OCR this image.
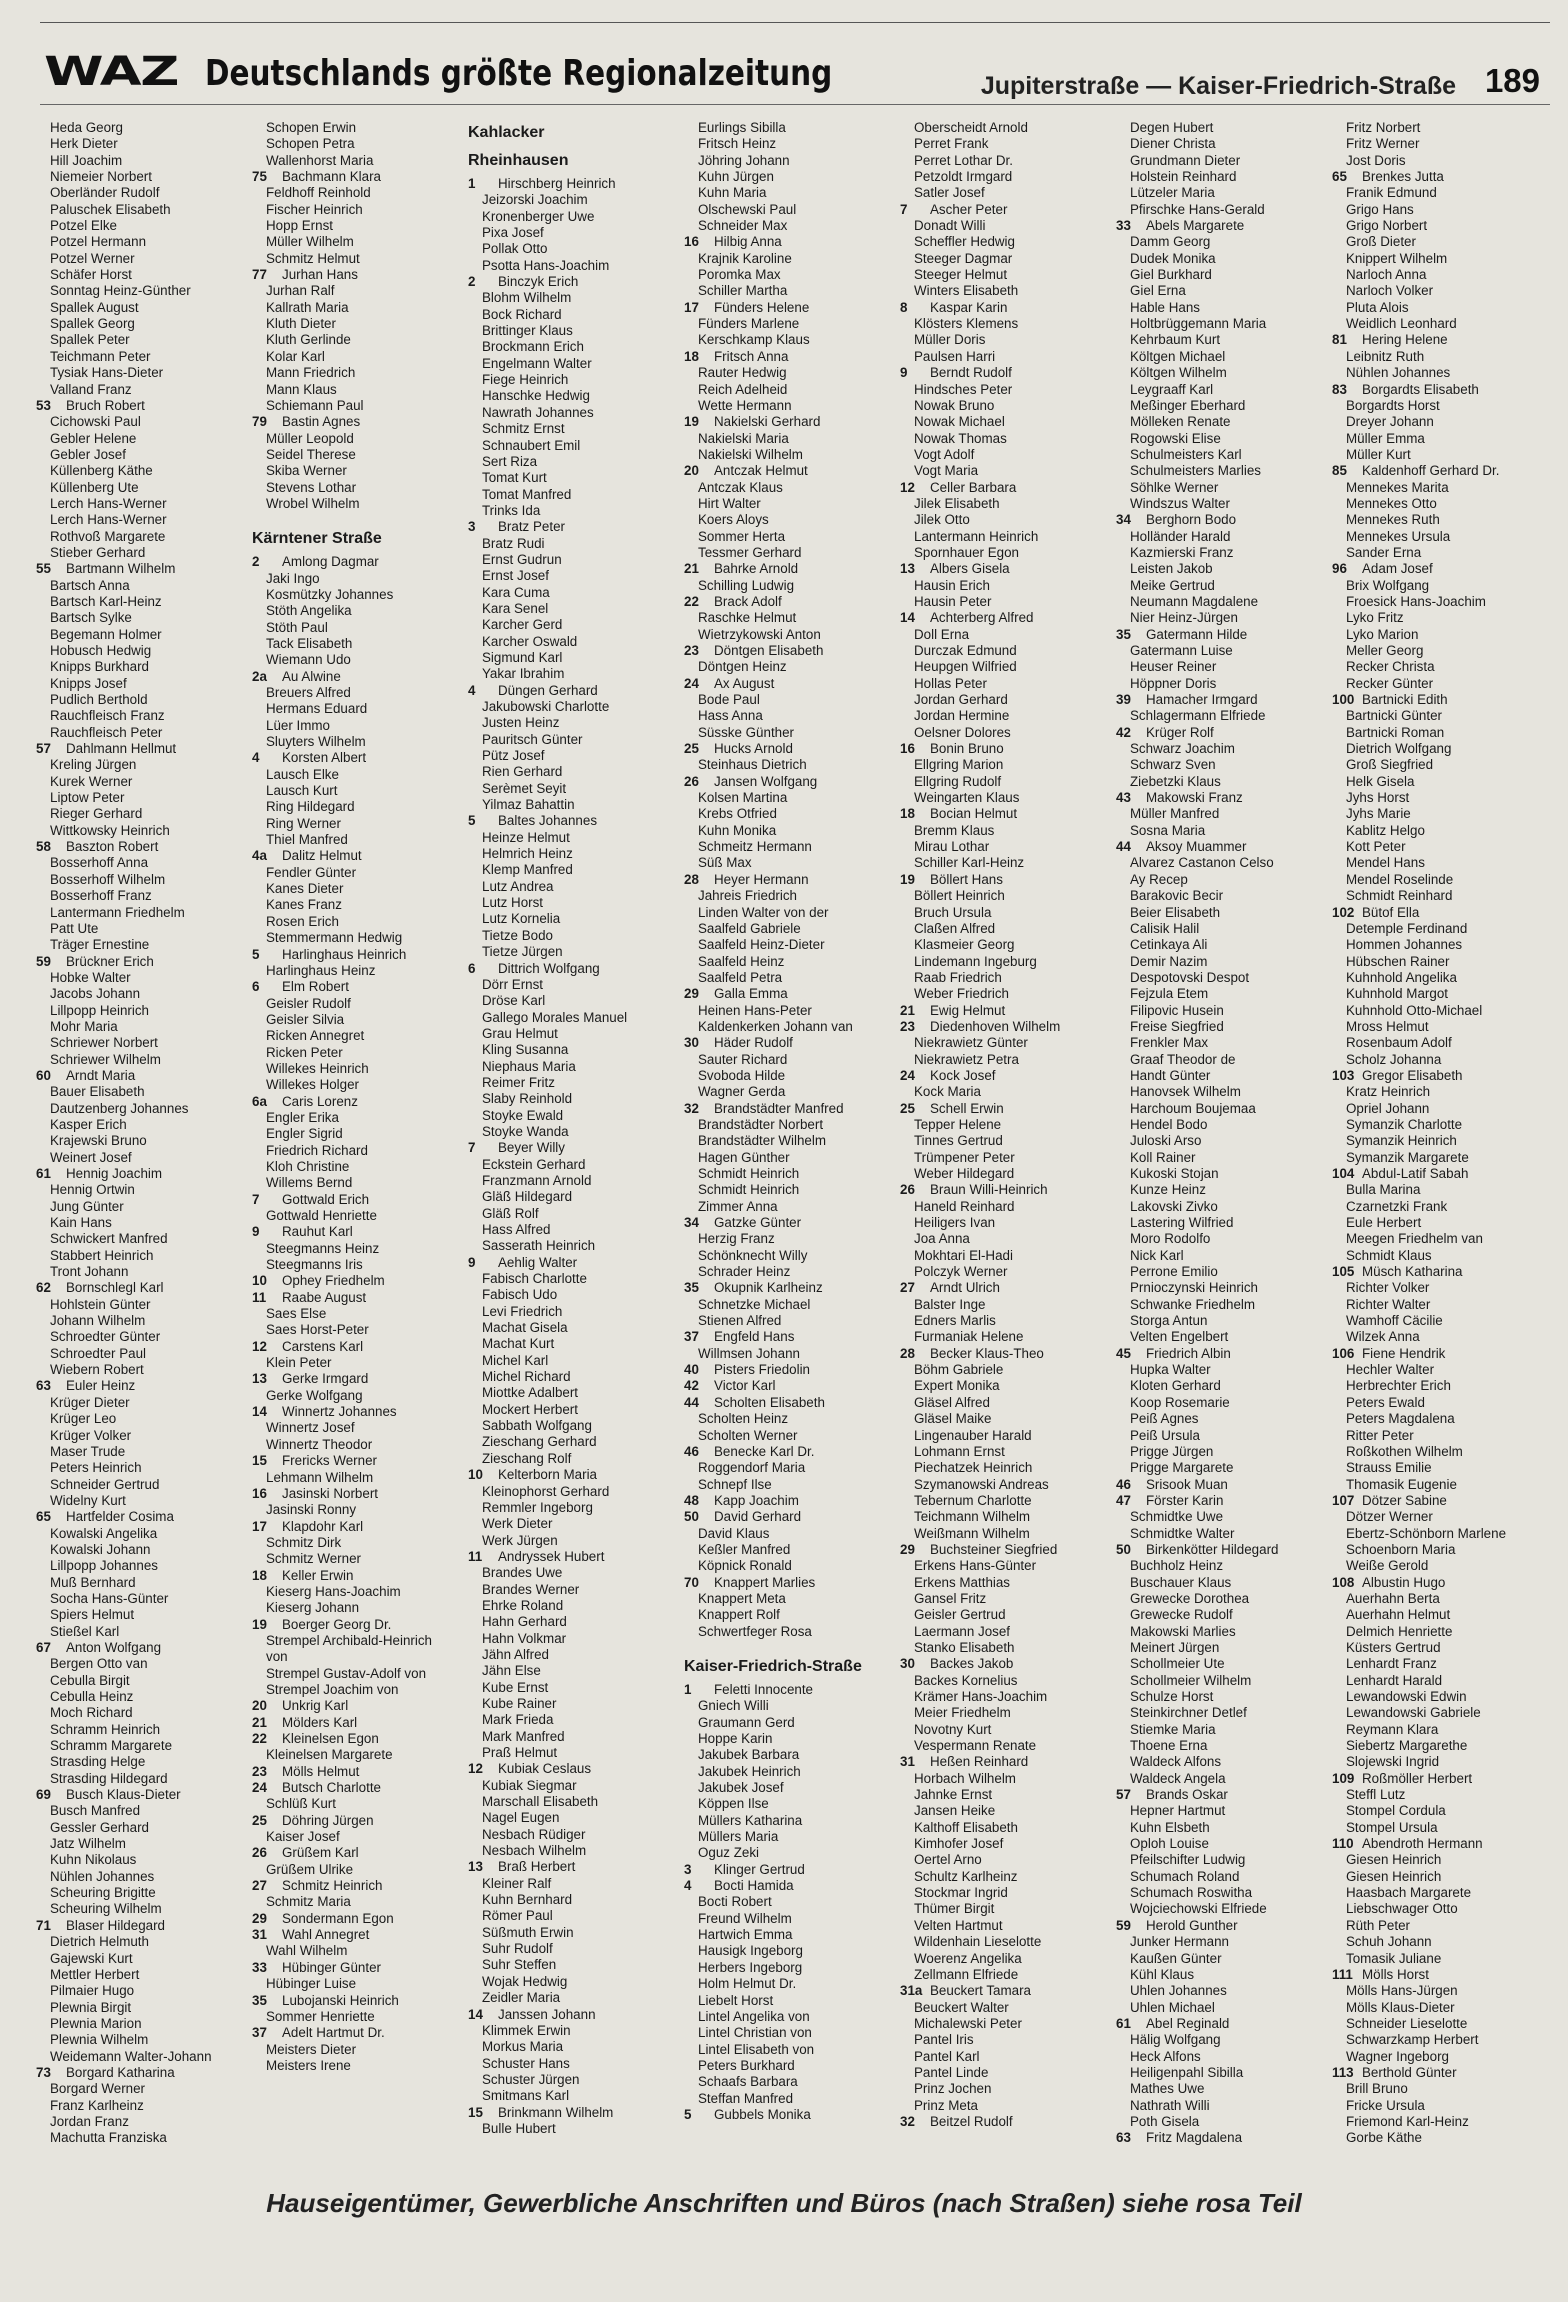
WAZ Deutschlands größte Regionalzeitung	Jupiterstraße — Kaiser-Friedrich-Straße 189
Heda Georg
Herk Dieter
Hill Joachim
Niemeier Norbert
Oberländer Rudolf
Paluschek Elisabeth
Potzel Elke
Potzel Hermann
Potzel Werner
Schäfer Horst
Sonntag Heinz-Günther
Spallek August
Spallek Georg
Spallek Peter
Teichmann Peter
Tysiak Hans-Dieter
Valland Franz
53 Bruch Robert
Cichowski Paul
Gebler Helene
Gebler Josef
Küllenberg Käthe
Küllenberg Ute
Lerch Hans-Werner
Lerch Hans-Werner
Rothvoß Margarete
Stieber Gerhard
55 Bartmann Wilhelm
Bartsch Anna
Bartsch Karl-Heinz
Bartsch Sylke
Begemann Holmer
Hobusch Hedwig
Knipps Burkhard
Knipps Josef
Pudlich Berthold
Rauchfleisch Franz
Rauchfleisch Peter
57 Dahlmann Hellmut
Kreling Jürgen
Kurek Werner
Liptow Peter
Rieger Gerhard
Wittkowsky Heinrich
58 Baszton Robert
Bosserhoff Anna
Bosserhoff Wilhelm
Bosserhoff Franz
Lantermann Friedhelm
Patt Ute
Träger Ernestine
59 Brückner Erich
Hobke Walter
Jacobs Johann
Lillpopp Heinrich
Mohr Maria
Schriewer Norbert
Schriewer Wilhelm
60 Arndt Maria
Bauer Elisabeth
Dautzenberg Johannes
Kasper Erich
Krajewski Bruno
Weinert Josef
61 Hennig Joachim
Hennig Ortwin
Jung Günter
Kain Hans
Schwickert Manfred
Stabbert Heinrich
Tront Johann
62 Bornschlegl Karl
Hohlstein Günter
Johann Wilhelm
Schroedter Günter
Schroedter Paul
Wiebern Robert
63 Euler Heinz
Krüger Dieter
Krüger Leo
Krüger Volker
Maser Trude
Peters Heinrich
Schneider Gertrud
Widelny Kurt
65 Hartfelder Cosima
Kowalski Angelika
Kowalski Johann
Lillpopp Johannes
Muß Bernhard
Socha Hans-Günter
Spiers Helmut
Stießel Karl
67 Anton Wolfgang
Bergen Otto van
Cebulla Birgit
Cebulla Heinz
Moch Richard
Schramm Heinrich
Schramm Margarete
Strasding Helge
Strasding Hildegard
69 Busch Klaus-Dieter
Busch Manfred
Gessler Gerhard
Jatz Wilhelm
Kuhn Nikolaus
Nühlen Johannes
Scheuring Brigitte
Scheuring Wilhelm
71 Blaser Hildegard
Dietrich Helmuth
Gajewski Kurt
Mettler Herbert
Pilmaier Hugo
Plewnia Birgit
Plewnia Marion
Plewnia Wilhelm
Weidemann Walter-Johann
73 Borgard Katharina
Borgard Werner
Franz Karlheinz
Jordan Franz
Machutta Franziska
Schopen Erwin
Schopen Petra
Wallenhorst Maria
75 Bachmann Klara
Feldhoff Reinhold
Fischer Heinrich
Hopp Ernst
Müller Wilhelm
Schmitz Helmut
77 Jurhan Hans
Jurhan Ralf
Kallrath Maria
Kluth Dieter
Kluth Gerlinde
Kolar Karl
Mann Friedrich
Mann Klaus
Schiemann Paul
79 Bastin Agnes
Müller Leopold
Seidel Therese
Skiba Werner
Stevens Lothar
Wrobel Wilhelm
Kärntener Straße
2 Amlong Dagmar
Jaki Ingo
Kosmützky Johannes
Stöth Angelika
Stöth Paul
Tack Elisabeth
Wiemann Udo
2a Au Alwine
Breuers Alfred
Hermans Eduard
Lüer Immo
Sluyters Wilhelm
4 Korsten Albert
Lausch Elke
Lausch Kurt
Ring Hildegard
Ring Werner
Thiel Manfred
4a Dalitz Helmut
Fendler Günter
Kanes Dieter
Kanes Franz
Rosen Erich
Stemmermann Hedwig
5 Harlinghaus Heinrich
Harlinghaus Heinz
6 Elm Robert
Geisler Rudolf
Geisler Silvia
Ricken Annegret
Ricken Peter
Willekes Heinrich
Willekes Holger
6a Caris Lorenz
Engler Erika
Engler Sigrid
Friedrich Richard
Kloh Christine
Willems Bernd
7 Gottwald Erich
Gottwald Henriette
9 Rauhut Karl
Steegmanns Heinz
Steegmanns Iris
10 Ophey Friedhelm
11 Raabe August
Saes Else
Saes Horst-Peter
12 Carstens Karl
Klein Peter
13 Gerke Irmgard
Gerke Wolfgang
14 Winnertz Johannes
Winnertz Josef
Winnertz Theodor
15 Frericks Werner
Lehmann Wilhelm
16 Jasinski Norbert
Jasinski Ronny
17 Klapdohr Karl
Schmitz Dirk
Schmitz Werner
18 Keller Erwin
Kieserg Hans-Joachim
Kieserg Johann
19 Boerger Georg Dr.
Strempel Archibald-Heinrich
von
Strempel Gustav-Adolf von
Strempel Joachim von
20 Unkrig Karl
21 Mölders Karl
22 Kleinelsen Egon
Kleinelsen Margarete
23 Mölls Helmut
24 Butsch Charlotte
Schlüß Kurt
25 Döhring Jürgen
Kaiser Josef
26 Grüßem Karl
Grüßem Ulrike
27 Schmitz Heinrich
Schmitz Maria
29 Sondermann Egon
31 Wahl Annegret
Wahl Wilhelm
33 Hübinger Günter
Hübinger Luise
35 Lubojanski Heinrich
Sommer Henriette
37 Adelt Hartmut Dr.
Meisters Dieter
Meisters Irene
Kahlacker
Rheinhausen
1 Hirschberg Heinrich
Jeizorski Joachim
Kronenberger Uwe
Pixa Josef
Pollak Otto
Psotta Hans-Joachim
2 Binczyk Erich
Blohm Wilhelm
Bock Richard
Brittinger Klaus
Brockmann Erich
Engelmann Walter
Fiege Heinrich
Hanschke Hedwig
Nawrath Johannes
Schmitz Ernst
Schnaubert Emil
Sert Riza
Tomat Kurt
Tomat Manfred
Trinks Ida
3 Bratz Peter
Bratz Rudi
Ernst Gudrun
Ernst Josef
Kara Cuma
Kara Senel
Karcher Gerd
Karcher Oswald
Sigmund Karl
Yakar Ibrahim
4 Düngen Gerhard
Jakubowski Charlotte
Justen Heinz
Pauritsch Günter
Pütz Josef
Rien Gerhard
Serèmet Seyit
Yilmaz Bahattin
5 Baltes Johannes
Heinze Helmut
Helmrich Heinz
Klemp Manfred
Lutz Andrea
Lutz Horst
Lutz Kornelia
Tietze Bodo
Tietze Jürgen
6 Dittrich Wolfgang
Dörr Ernst
Dröse Karl
Gallego Morales Manuel
Grau Helmut
Kling Susanna
Niephaus Maria
Reimer Fritz
Slaby Reinhold
Stoyke Ewald
Stoyke Wanda
7 Beyer Willy
Eckstein Gerhard
Franzmann Arnold
Gläß Hildegard
Gläß Rolf
Hass Alfred
Sasserath Heinrich
9 Aehlig Walter
Fabisch Charlotte
Fabisch Udo
Levi Friedrich
Machat Gisela
Machat Kurt
Michel Karl
Michel Richard
Miottke Adalbert
Mockert Herbert
Sabbath Wolfgang
Zieschang Gerhard
Zieschang Rolf
10 Kelterborn Maria
Kleinophorst Gerhard
Remmler Ingeborg
Werk Dieter
Werk Jürgen
11 Andryssek Hubert
Brandes Uwe
Brandes Werner
Ehrke Roland
Hahn Gerhard
Hahn Volkmar
Jähn Alfred
Jähn Else
Kube Ernst
Kube Rainer
Mark Frieda
Mark Manfred
Praß Helmut
12 Kubiak Ceslaus
Kubiak Siegmar
Marschall Elisabeth
Nagel Eugen
Nesbach Rüdiger
Nesbach Wilhelm
13 Braß Herbert
Kleiner Ralf
Kuhn Bernhard
Römer Paul
Süßmuth Erwin
Suhr Rudolf
Suhr Steffen
Wojak Hedwig
Zeidler Maria
14 Janssen Johann
Klimmek Erwin
Morkus Maria
Schuster Hans
Schuster Jürgen
Smitmans Karl
15 Brinkmann Wilhelm
Bulle Hubert
Eurlings Sibilla
Fritsch Heinz
Jöhring Johann
Kuhn Jürgen
Kuhn Maria
Olschewski Paul
Schneider Max
16 Hilbig Anna
Krajnik Karoline
Poromka Max
Schiller Martha
17 Fünders Helene
Fünders Marlene
Kerschkamp Klaus
18 Fritsch Anna
Rauter Hedwig
Reich Adelheid
Wette Hermann
19 Nakielski Gerhard
Nakielski Maria
Nakielski Wilhelm
20 Antczak Helmut
Antczak Klaus
Hirt Walter
Koers Aloys
Sommer Herta
Tessmer Gerhard
21 Bahrke Arnold
Schilling Ludwig
22 Brack Adolf
Raschke Helmut
Wietrzykowski Anton
23 Döntgen Elisabeth
Döntgen Heinz
24 Ax August
Bode Paul
Hass Anna
Süsske Günther
25 Hucks Arnold
Steinhaus Dietrich
26 Jansen Wolfgang
Kolsen Martina
Krebs Otfried
Kuhn Monika
Schmeitz Hermann
Süß Max
28 Heyer Hermann
Jahreis Friedrich
Linden Walter von der
Saalfeld Gabriele
Saalfeld Heinz-Dieter
Saalfeld Heinz
Saalfeld Petra
29 Galla Emma
Heinen Hans-Peter
Kaldenkerken Johann van
30 Häder Rudolf
Sauter Richard
Svoboda Hilde
Wagner Gerda
32 Brandstädter Manfred
Brandstädter Norbert
Brandstädter Wilhelm
Hagen Günther
Schmidt Heinrich
Schmidt Heinrich
Zimmer Anna
34 Gatzke Günter
Herzig Franz
Schönknecht Willy
Schrader Heinz
35 Okupnik Karlheinz
Schnetzke Michael
Stienen Alfred
37 Engfeld Hans
Willmsen Johann
40 Pisters Friedolin
42 Victor Karl
44 Scholten Elisabeth
Scholten Heinz
Scholten Werner
46 Benecke Karl Dr.
Roggendorf Maria
Schnepf Ilse
48 Kapp Joachim
50 David Gerhard
David Klaus
Keßler Manfred
Köpnick Ronald
70 Knappert Marlies
Knappert Meta
Knappert Rolf
Schwertfeger Rosa
Kaiser-Friedrich-Straße
1 Feletti Innocente
Gniech Willi
Graumann Gerd
Hoppe Karin
Jakubek Barbara
Jakubek Heinrich
Jakubek Josef
Köppen Ilse
Müllers Katharina
Müllers Maria
Oguz Zeki
3 Klinger Gertrud
4 Bocti Hamida
Bocti Robert
Freund Wilhelm
Hartwich Emma
Hausigk Ingeborg
Herbers Ingeborg
Holm Helmut Dr.
Liebelt Horst
Lintel Angelika von
Lintel Christian von
Lintel Elisabeth von
Peters Burkhard
Schaafs Barbara
Steffan Manfred
5 Gubbels Monika
Oberscheidt Arnold
Perret Frank
Perret Lothar Dr.
Petzoldt Irmgard
Satler Josef
7 Ascher Peter
Donadt Willi
Scheffler Hedwig
Steeger Dagmar
Steeger Helmut
Winters Elisabeth
8 Kaspar Karin
Klösters Klemens
Müller Doris
Paulsen Harri
9 Berndt Rudolf
Hindsches Peter
Nowak Bruno
Nowak Michael
Nowak Thomas
Vogt Adolf
Vogt Maria
12 Celler Barbara
Jilek Elisabeth
Jilek Otto
Lantermann Heinrich
Spornhauer Egon
13 Albers Gisela
Hausin Erich
Hausin Peter
14 Achterberg Alfred
Doll Erna
Durczak Edmund
Heupgen Wilfried
Hollas Peter
Jordan Gerhard
Jordan Hermine
Oelsner Dolores
16 Bonin Bruno
Ellgring Marion
Ellgring Rudolf
Weingarten Klaus
18 Bocian Helmut
Bremm Klaus
Mirau Lothar
Schiller Karl-Heinz
19 Böllert Hans
Böllert Heinrich
Bruch Ursula
Claßen Alfred
Klasmeier Georg
Lindemann Ingeburg
Raab Friedrich
Weber Friedrich
21 Ewig Helmut
23 Diedenhoven Wilhelm
Niekrawietz Günter
Niekrawietz Petra
24 Kock Josef
Kock Maria
25 Schell Erwin
Tepper Helene
Tinnes Gertrud
Trümpener Peter
Weber Hildegard
26 Braun Willi-Heinrich
Haneld Reinhard
Heiligers Ivan
Joa Anna
Mokhtari El-Hadi
Polczyk Werner
27 Arndt Ulrich
Balster Inge
Edners Marlis
Furmaniak Helene
28 Becker Klaus-Theo
Böhm Gabriele
Expert Monika
Gläsel Alfred
Gläsel Maike
Lingenauber Harald
Lohmann Ernst
Piechatzek Heinrich
Szymanowski Andreas
Tebernum Charlotte
Teichmann Wilhelm
Weißmann Wilhelm
29 Buchsteiner Siegfried
Erkens Hans-Günter
Erkens Matthias
Gansel Fritz
Geisler Gertrud
Laermann Josef
Stanko Elisabeth
30 Backes Jakob
Backes Kornelius
Krämer Hans-Joachim
Meier Friedhelm
Novotny Kurt
Vespermann Renate
31 Heßen Reinhard
Horbach Wilhelm
Jahnke Ernst
Jansen Heike
Kalthoff Elisabeth
Kimhofer Josef
Oertel Arno
Schultz Karlheinz
Stockmar Ingrid
Thümer Birgit
Velten Hartmut
Wildenhain Lieselotte
Woerenz Angelika
Zellmann Elfriede
31a Beuckert Tamara
Beuckert Walter
Michalewski Peter
Pantel Iris
Pantel Karl
Pantel Linde
Prinz Jochen
Prinz Meta
32 Beitzel Rudolf
Degen Hubert
Diener Christa
Grundmann Dieter
Holstein Reinhard
Lützeler Maria
Pfirschke Hans-Gerald
33 Abels Margarete
Damm Georg
Dudek Monika
Giel Burkhard
Giel Erna
Hable Hans
Holtbrüggemann Maria
Kehrbaum Kurt
Költgen Michael
Költgen Wilhelm
Leygraaff Karl
Meßinger Eberhard
Mölleken Renate
Rogowski Elise
Schulmeisters Karl
Schulmeisters Marlies
Söhlke Werner
Windszus Walter
34 Berghorn Bodo
Holländer Harald
Kazmierski Franz
Leisten Jakob
Meike Gertrud
Neumann Magdalene
Nier Heinz-Jürgen
35 Gatermann Hilde
Gatermann Luise
Heuser Reiner
Höppner Doris
39 Hamacher Irmgard
Schlagermann Elfriede
42 Krüger Rolf
Schwarz Joachim
Schwarz Sven
Ziebetzki Klaus
43 Makowski Franz
Müller Manfred
Sosna Maria
44 Aksoy Muammer
Alvarez Castanon Celso
Ay Recep
Barakovic Becir
Beier Elisabeth
Calisik Halil
Cetinkaya Ali
Demir Nazim
Despotovski Despot
Fejzula Etem
Filipovic Husein
Freise Siegfried
Frenkler Max
Graaf Theodor de
Handt Günter
Hanovsek Wilhelm
Harchoum Boujemaa
Hendel Bodo
Juloski Arso
Koll Rainer
Kukoski Stojan
Kunze Heinz
Lakovski Zivko
Lastering Wilfried
Moro Rodolfo
Nick Karl
Perrone Emilio
Prnioczynski Heinrich
Schwanke Friedhelm
Storga Antun
Velten Engelbert
45 Friedrich Albin
Hupka Walter
Kloten Gerhard
Koop Rosemarie
Peiß Agnes
Peiß Ursula
Prigge Jürgen
Prigge Margarete
46 Srisook Muan
47 Förster Karin
Schmidtke Uwe
Schmidtke Walter
50 Birkenkötter Hildegard
Buchholz Heinz
Buschauer Klaus
Grewecke Dorothea
Grewecke Rudolf
Makowski Marlies
Meinert Jürgen
Schollmeier Ute
Schollmeier Wilhelm
Schulze Horst
Steinkirchner Detlef
Stiemke Maria
Thoene Erna
Waldeck Alfons
Waldeck Angela
57 Brands Oskar
Hepner Hartmut
Kuhn Elsbeth
Oploh Louise
Pfeilschifter Ludwig
Schumach Roland
Schumach Roswitha
Wojciechowski Elfriede
59 Herold Gunther
Junker Hermann
Kaußen Günter
Kühl Klaus
Uhlen Johannes
Uhlen Michael
61 Abel Reginald
Hälig Wolfgang
Heck Alfons
Heiligenpahl Sibilla
Mathes Uwe
Nathrath Willi
Poth Gisela
63 Fritz Magdalena
Fritz Norbert
Fritz Werner
Jost Doris
65 Brenkes Jutta
Franik Edmund
Grigo Hans
Grigo Norbert
Groß Dieter
Knippert Wilhelm
Narloch Anna
Narloch Volker
Pluta Alois
Weidlich Leonhard
81 Hering Helene
Leibnitz Ruth
Nühlen Johannes
83 Borgardts Elisabeth
Borgardts Horst
Dreyer Johann
Müller Emma
Müller Kurt
85 Kaldenhoff Gerhard Dr.
Mennekes Marita
Mennekes Otto
Mennekes Ruth
Mennekes Ursula
Sander Erna
96 Adam Josef
Brix Wolfgang
Froesick Hans-Joachim
Lyko Fritz
Lyko Marion
Meller Georg
Recker Christa
Recker Günter
100 Bartnicki Edith
Bartnicki Günter
Bartnicki Roman
Dietrich Wolfgang
Groß Siegfried
Helk Gisela
Jyhs Horst
Jyhs Marie
Kablitz Helgo
Kott Peter
Mendel Hans
Mendel Roselinde
Schmidt Reinhard
102 Bütof Ella
Detemple Ferdinand
Hommen Johannes
Hübschen Rainer
Kuhnhold Angelika
Kuhnhold Margot
Kuhnhold Otto-Michael
Mross Helmut
Rosenbaum Adolf
Scholz Johanna
103 Gregor Elisabeth
Kratz Heinrich
Opriel Johann
Symanzik Charlotte
Symanzik Heinrich
Symanzik Margarete
104 Abdul-Latif Sabah
Bulla Marina
Czarnetzki Frank
Eule Herbert
Meegen Friedhelm van
Schmidt Klaus
105 Müsch Katharina
Richter Volker
Richter Walter
Wamhoff Cäcilie
Wilzek Anna
106 Fiene Hendrik
Hechler Walter
Herbrechter Erich
Peters Ewald
Peters Magdalena
Ritter Peter
Roßkothen Wilhelm
Strauss Emilie
Thomasik Eugenie
107 Dötzer Sabine
Dötzer Werner
Ebertz-Schönborn Marlene
Schoenborn Maria
Weiße Gerold
108 Albustin Hugo
Auerhahn Berta
Auerhahn Helmut
Delmich Henriette
Küsters Gertrud
Lenhardt Franz
Lenhardt Harald
Lewandowski Edwin
Lewandowski Gabriele
Reymann Klara
Siebertz Margarethe
Slojewski Ingrid
109 Roßmöller Herbert
Steffl Lutz
Stompel Cordula
Stompel Ursula
110 Abendroth Hermann
Giesen Heinrich
Giesen Heinrich
Haasbach Margarete
Liebschwager Otto
Rüth Peter
Schuh Johann
Tomasik Juliane
111 Mölls Horst
Mölls Hans-Jürgen
Mölls Klaus-Dieter
Schneider Lieselotte
Schwarzkamp Herbert
Wagner Ingeborg
113 Berthold Günter
Brill Bruno
Fricke Ursula
Friemond Karl-Heinz
Gorbe Käthe
Hauseigentümer, Gewerbliche Anschriften und Büros (nach Straßen) siehe rosa Teil
